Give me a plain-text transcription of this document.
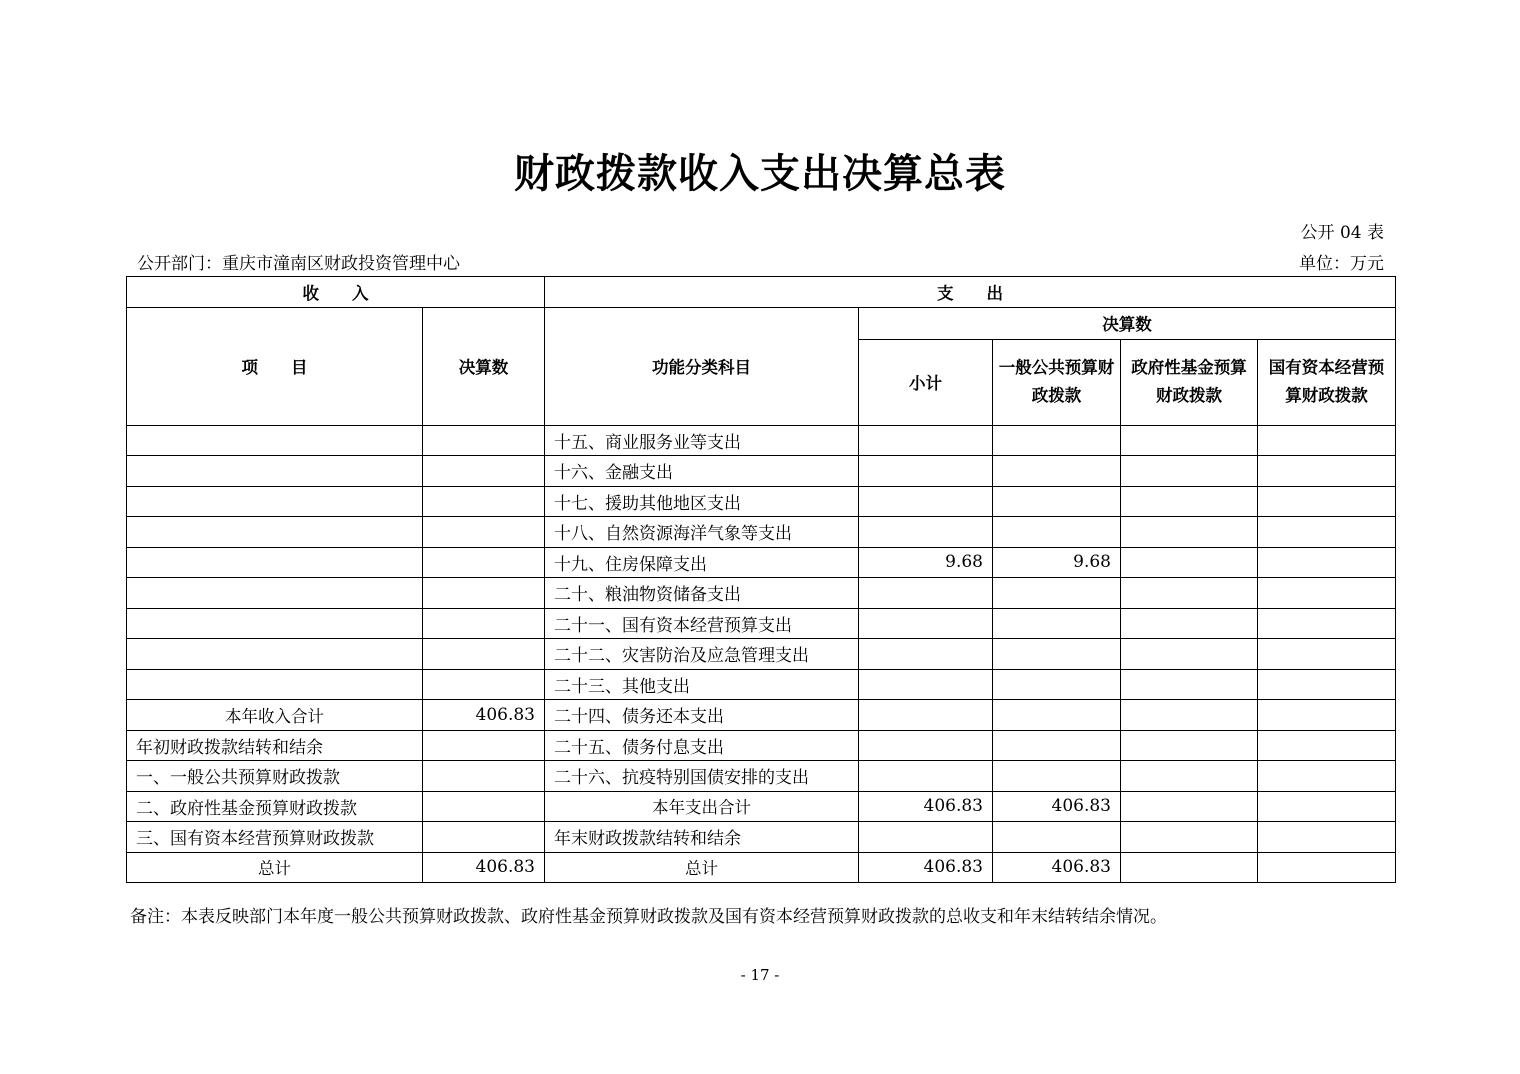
财政拨款收入支出决算总表
公开 04 表
公开部门：重庆市潼南区财政投资管理中心	单位：万元
收　　入		支　　出				
项　　目	决算数	功能分类科目	决算数			
			小计	一般公共预算财政拨款	政府性基金预算财政拨款	国有资本经营预算财政拨款
		十五、商业服务业等支出				
		十六、金融支出				
		十七、援助其他地区支出				
		十八、自然资源海洋气象等支出				
		十九、住房保障支出	9.68	9.68		
		二十、粮油物资储备支出				
		二十一、国有资本经营预算支出				
		二十二、灾害防治及应急管理支出				
		二十三、其他支出				
本年收入合计	406.83	二十四、债务还本支出				
年初财政拨款结转和结余		二十五、债务付息支出				
一、一般公共预算财政拨款		二十六、抗疫特别国债安排的支出				
二、政府性基金预算财政拨款		本年支出合计	406.83	406.83		
三、国有资本经营预算财政拨款		年末财政拨款结转和结余				
总计	406.83	总计	406.83	406.83		
备注：本表反映部门本年度一般公共预算财政拨款、政府性基金预算财政拨款及国有资本经营预算财政拨款的总收支和年末结转结余情况。
- 17 -
